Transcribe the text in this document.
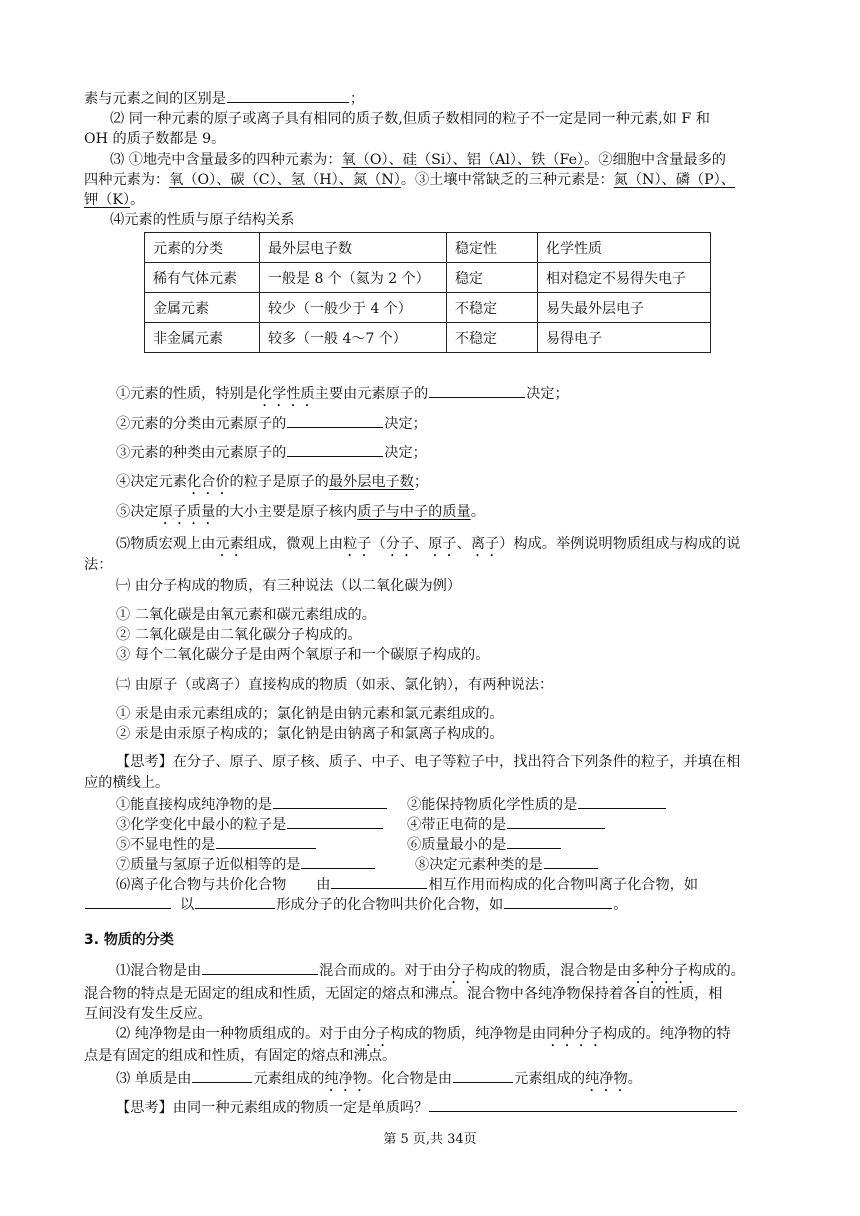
素与元素之间的区别是	；
⑵ 同一种元素的原子或离子具有相同的质子数,但质子数相同的粒子不一定是同一种元素,如 F 和
OH 的质子数都是 9。
⑶ ①地壳中含量最多的四种元素为：氧（O）、硅（Si）、铝（Al）、铁（Fe）。②细胞中含量最多的
四种元素为：氧（O）、碳（C）、氢（H）、氮（N）。③土壤中常缺乏的三种元素是：氮（N）、磷（P）、
钾（K）。
⑷元素的性质与原子结构关系
元素的分类	最外层电子数	稳定性	化学性质
稀有气体元素	一般是 8 个（氦为 2 个）	稳定	相对稳定不易得失电子
金属元素	较少（一般少于 4 个）	不稳定	易失最外层电子
非金属元素	较多（一般 4～7 个）	不稳定	易得电子
①元素的性质，特别是化学性质主要由元素原子的	决定；
②元素的分类由元素原子的	决定；
③元素的种类由元素原子的	决定；
④决定元素化合价的粒子是原子的最外层电子数；
⑤决定原子质量的大小主要是原子核内质子与中子的质量。
⑸物质宏观上由元素组成，微观上由粒子（分子、原子、离子）构成。举例说明物质组成与构成的说
法：
㈠ 由分子构成的物质，有三种说法（以二氧化碳为例）
① 二氧化碳是由氧元素和碳元素组成的。
② 二氧化碳是由二氧化碳分子构成的。
③ 每个二氧化碳分子是由两个氧原子和一个碳原子构成的。
㈡ 由原子（或离子）直接构成的物质（如汞、氯化钠），有两种说法：
① 汞是由汞元素组成的；氯化钠是由钠元素和氯元素组成的。
② 汞是由汞原子构成的；氯化钠是由钠离子和氯离子构成的。
【思考】在分子、原子、原子核、质子、中子、电子等粒子中，找出符合下列条件的粒子，并填在相
应的横线上。
①能直接构成纯净物的是	②能保持物质化学性质的是
③化学变化中最小的粒子是	④带正电荷的是
⑤不显电性的是	⑥质量最小的是
⑦质量与氢原子近似相等的是	⑧决定元素种类的是
⑹离子化合物与共价化合物 由	相互作用而构成的化合物叫离子化合物，如
以	形成分子的化合物叫共价化合物，如	。
3. 物质的分类
⑴混合物是由	混合而成的。对于由分子构成的物质，混合物是由多种分子构成的。
混合物的特点是无固定的组成和性质，无固定的熔点和沸点。混合物中各纯净物保持着各自的性质，相
互间没有发生反应。
⑵ 纯净物是由一种物质组成的。对于由分子构成的物质，纯净物是由同种分子构成的。纯净物的特
点是有固定的组成和性质，有固定的熔点和沸点。
⑶ 单质是由	元素组成的纯净物。化合物是由	元素组成的纯净物。
【思考】由同一种元素组成的物质一定是单质吗？
第 5 页,共 34页
